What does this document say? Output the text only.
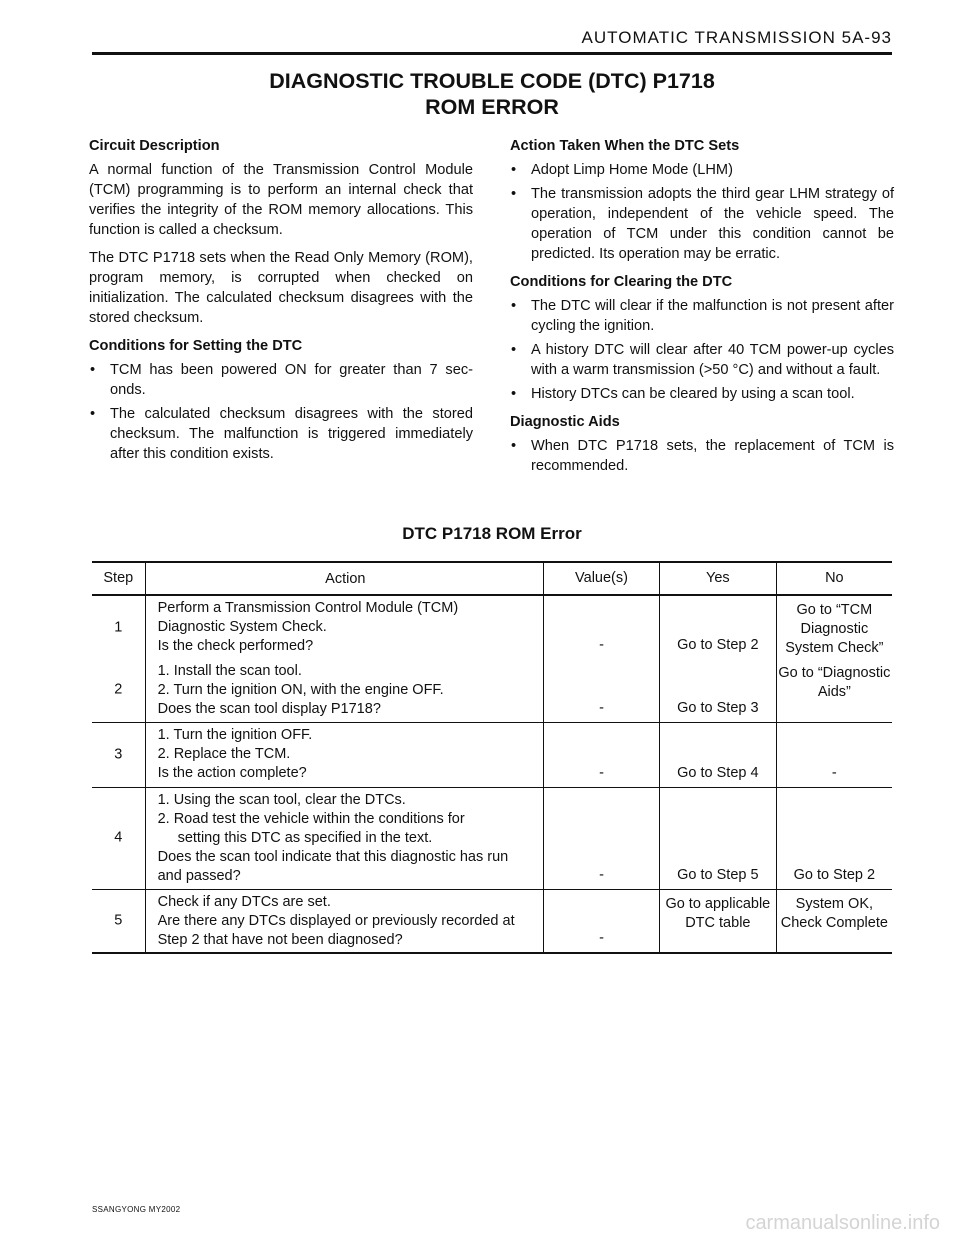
AUTOMATIC TRANSMISSION 5A-93
DIAGNOSTIC TROUBLE CODE (DTC) P1718
ROM ERROR
Circuit Description

A normal function of the Transmission Control Module (TCM) programming is to perform an internal check that verifies the integrity of the ROM memory allocations. This function is called a checksum.

The DTC P1718 sets when the Read Only Memory (ROM), program memory, is corrupted when checked on initialization. The calculated checksum disagrees with the stored checksum.

Conditions for Setting the DTC
• TCM has been powered ON for greater than 7 sec- onds.
• The calculated checksum disagrees with the stored checksum. The malfunction is triggered immediately after this condition exists.
Action Taken When the DTC Sets
• Adopt Limp Home Mode (LHM)
• The transmission adopts the third gear LHM strategy of operation, independent of the vehicle speed. The operation of TCM under this condition cannot be predicted. Its operation may be erratic.
Conditions for Clearing the DTC
• The DTC will clear if the malfunction is not present after cycling the ignition.
• A history DTC will clear after 40 TCM power-up cycles with a warm transmission (>50 °C) and without a fault.
• History DTCs can be cleared by using a scan tool.
Diagnostic Aids
• When DTC P1718 sets, the replacement of TCM is recommended.
DTC P1718 ROM Error
Step	Action	Value(s)	Yes	No

1	Perform a Transmission Control Module (TCM)
Diagnostic System Check.
Is the check performed?	-	Go to Step 2	Go to “TCM Diagnostic System Check”

2	1. Install the scan tool.
2. Turn the ignition ON, with the engine OFF.
Does the scan tool display P1718?	-	Go to Step 3	Go to “Diagnostic Aids”

3	1. Turn the ignition OFF.
2. Replace the TCM.
Is the action complete?	-	Go to Step 4	-

4	1. Using the scan tool, clear the DTCs.
2. Road test the vehicle within the conditions for
setting this DTC as specified in the text.
Does the scan tool indicate that this diagnostic has run and passed?	-	Go to Step 5	Go to Step 2

5	Check if any DTCs are set.
Are there any DTCs displayed or previously recorded at Step 2 that have not been diagnosed?	-	Go to applicable DTC table	System OK, Check Complete
SSANGYONG MY2002
carmanualsonline.info
